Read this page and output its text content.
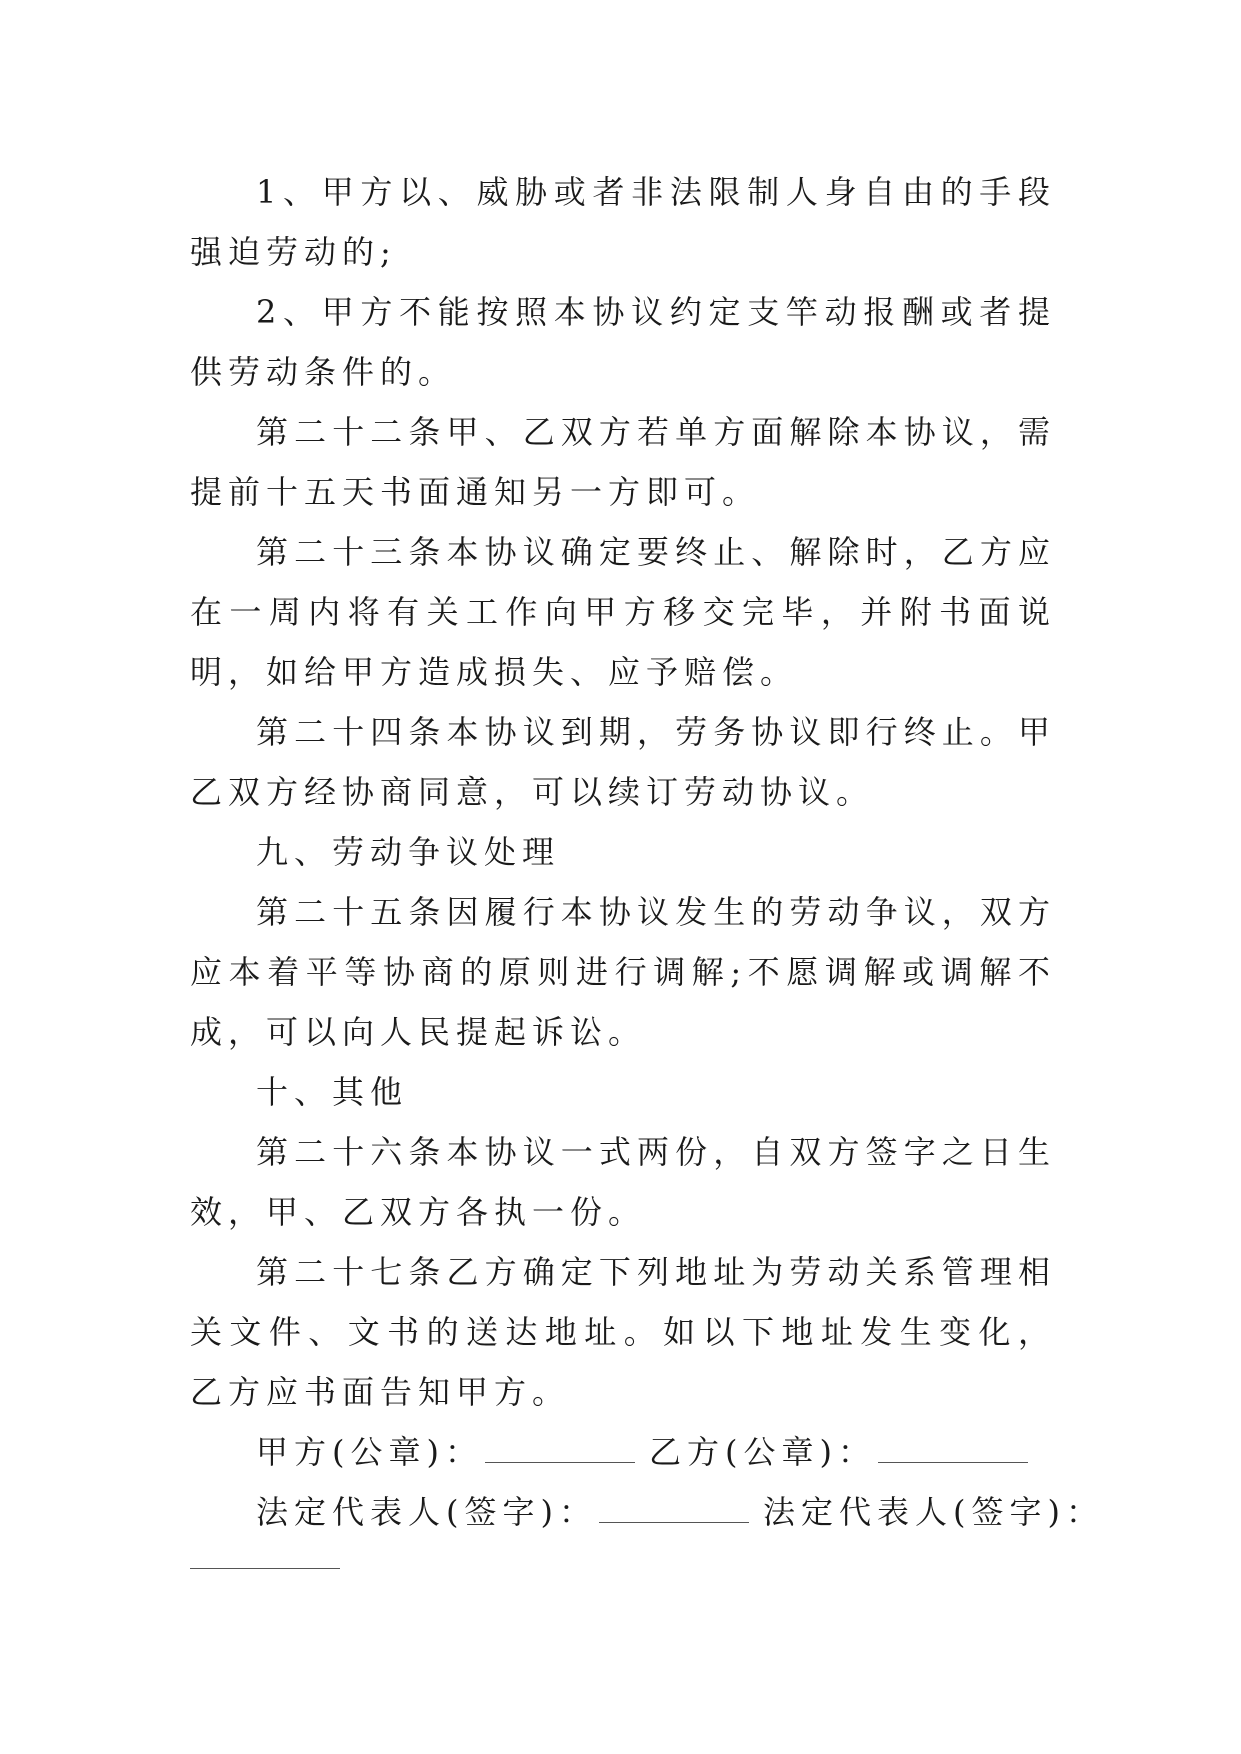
1、甲方以、威胁或者非法限制人身自由的手段强迫劳动的;

2、甲方不能按照本协议约定支竿动报酬或者提供劳动条件的。

第二十二条甲、乙双方若单方面解除本协议，需提前十五天书面通知另一方即可。

第二十三条本协议确定要终止、解除时，乙方应在一周内将有关工作向甲方移交完毕，并附书面说明，如给甲方造成损失、应予赔偿。

第二十四条本协议到期，劳务协议即行终止。甲乙双方经协商同意，可以续订劳动协议。

九、劳动争议处理

第二十五条因履行本协议发生的劳动争议，双方应本着平等协商的原则进行调解;不愿调解或调解不成，可以向人民提起诉讼。

十、其他

第二十六条本协议一式两份，自双方签字之日生效，甲、乙双方各执一份。

第二十七条乙方确定下列地址为劳动关系管理相关文件、文书的送达地址。如以下地址发生变化，乙方应书面告知甲方。

甲方(公章)：	乙方(公章)：
法定代表人(签字)：	法定代表人(签字)：
